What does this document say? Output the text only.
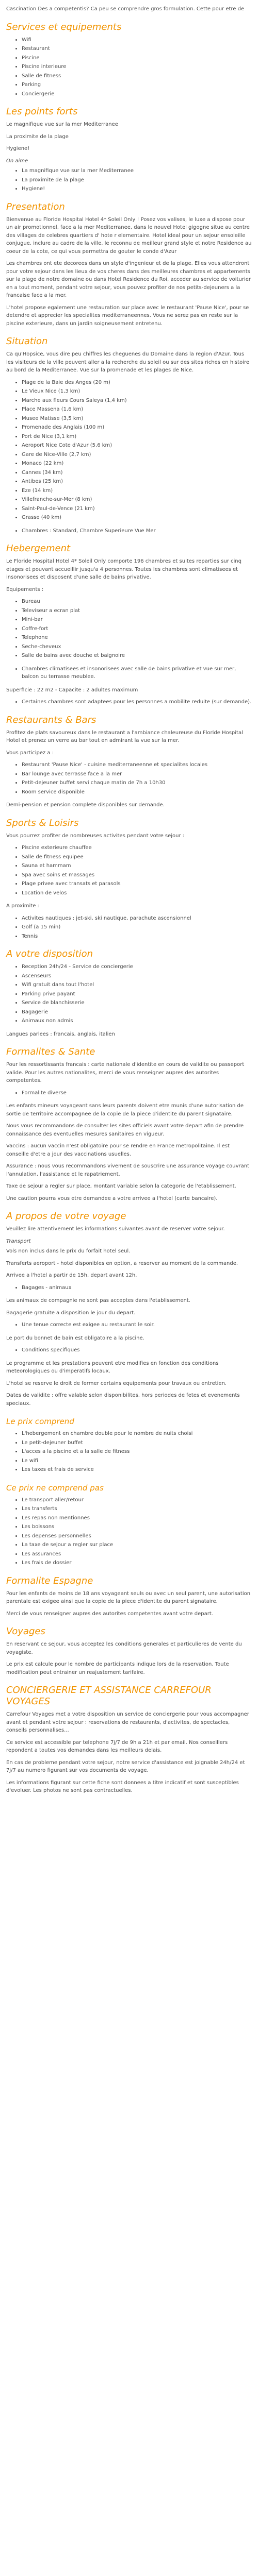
Cascination Des a competentis? Ca peu se comprendre gros formulation. Cette pour etre de

Services et equipements
• Wifi
• Restaurant
• Piscine
• Piscine interieure
• Salle de fitness
• Parking
• Conciergerie
Les points forts

Le magnifique vue sur la mer Mediterranee

La proximite de la plage

Hygiene!

On aime
• La magnifique vue sur la mer Mediterranee
• La proximite de la plage
• Hygiene!
Presentation

Bienvenue au Floride Hospital Hotel 4* Soleil Only ! Posez vos valises, le luxe a dispose pour un air promotionnel, face a la mer Mediterranee, dans le nouvel Hotel gigogne situe au centre des villages de celebres quartiers d' hote r elementaire. Hotel ideal pour un sejour ensoleille conjugue, inclure au cadre de la ville, le reconnu de meilleur grand style et notre Residence au coeur de la cote, ce qui vous permettra de gouter le conde d'Azur

Les chambres ont ete decorees dans un style d'ingenieur et de la plage. Elles vous attendront pour votre sejour dans les lieux de vos cheres dans des meilleures chambres et appartements sur la plage de notre domaine ou dans Hotel Residence du Roi, acceder au service de voiturier en a tout moment, pendant votre sejour, vous pouvez profiter de nos petits-dejeuners a la francaise face a la mer.

L'hotel propose egalement une restauration sur place avec le restaurant 'Pause Nice', pour se detendre et apprecier les specialites mediterraneennes. Vous ne serez pas en reste sur la piscine exterieure, dans un jardin soigneusement entretenu.

Situation

Ca qu'Hopsice, vous dire peu chiffres les cheguenes du Domaine dans la region d'Azur. Tous les visiteurs de la ville peuvent aller a la recherche du soleil ou sur des sites riches en histoire au bord de la Mediterranee. Vue sur la promenade et les plages de Nice.

• Plage de la Baie des Anges (20 m)
• Le Vieux Nice (1,3 km)
• Marche aux fleurs Cours Saleya (1,4 km)
• Place Massena (1,6 km)
• Musee Matisse (3,5 km)
• Promenade des Anglais (100 m)
• Port de Nice (3,1 km)
• Aeroport Nice Cote d'Azur (5,6 km)
• Gare de Nice-Ville (2,7 km)
• Monaco (22 km)
• Cannes (34 km)
• Antibes (25 km)
• Eze (14 km)
• Villefranche-sur-Mer (8 km)
• Saint-Paul-de-Vence (21 km)
• Grasse (40 km)
• Chambres : Standard, Chambre Superieure Vue Mer
Hebergement

Le Floride Hospital Hotel 4* Soleil Only comporte 196 chambres et suites reparties sur cinq etages et pouvant accueillir jusqu'a 4 personnes. Toutes les chambres sont climatisees et insonorisees et disposent d'une salle de bains privative.

Equipements :

• Bureau
• Televiseur a ecran plat
• Mini-bar
• Coffre-fort
• Telephone
• Seche-cheveux
• Salle de bains avec douche et baignoire
• Chambres climatisees et insonorisees avec salle de bains privative et vue sur mer, balcon ou terrasse meublee.

Superficie : 22 m2 - Capacite : 2 adultes maximum

• Certaines chambres sont adaptees pour les personnes a mobilite reduite (sur demande).
Restaurants & Bars

Profitez de plats savoureux dans le restaurant a l'ambiance chaleureuse du Floride Hospital Hotel et prenez un verre au bar tout en admirant la vue sur la mer.

Vous participez a :

• Restaurant 'Pause Nice' - cuisine mediterraneenne et specialites locales
• Bar lounge avec terrasse face a la mer
• Petit-dejeuner buffet servi chaque matin de 7h a 10h30
• Room service disponible

Demi-pension et pension complete disponibles sur demande.

Sports & Loisirs

Vous pourrez profiter de nombreuses activites pendant votre sejour :

• Piscine exterieure chauffee
• Salle de fitness equipee
• Sauna et hammam
• Spa avec soins et massages
• Plage privee avec transats et parasols
• Location de velos

A proximite :

• Activites nautiques : jet-ski, ski nautique, parachute ascensionnel
• Golf (a 15 min)
• Tennis
A votre disposition
• Reception 24h/24 - Service de conciergerie
• Ascenseurs
• Wifi gratuit dans tout l'hotel
• Parking prive payant
• Service de blanchisserie
• Bagagerie
• Animaux non admis

Langues parlees : francais, anglais, italien

Formalites & Sante

Pour les ressortissants francais : carte nationale d'identite en cours de validite ou passeport valide. Pour les autres nationalites, merci de vous renseigner aupres des autorites competentes.

• Formalite diverse

Les enfants mineurs voyageant sans leurs parents doivent etre munis d'une autorisation de sortie de territoire accompagnee de la copie de la piece d'identite du parent signataire.

Nous vous recommandons de consulter les sites officiels avant votre depart afin de prendre connaissance des eventuelles mesures sanitaires en vigueur.

Vaccins : aucun vaccin n'est obligatoire pour se rendre en France metropolitaine. Il est conseille d'etre a jour des vaccinations usuelles.

Assurance : nous vous recommandons vivement de souscrire une assurance voyage couvrant l'annulation, l'assistance et le rapatriement.

Taxe de sejour a regler sur place, montant variable selon la categorie de l'etablissement.

Une caution pourra vous etre demandee a votre arrivee a l'hotel (carte bancaire).

A propos de votre voyage

Veuillez lire attentivement les informations suivantes avant de reserver votre sejour.

Transport

Vols non inclus dans le prix du forfait hotel seul.

Transferts aeroport - hotel disponibles en option, a reserver au moment de la commande.

Arrivee a l'hotel a partir de 15h, depart avant 12h.

• Bagages - animaux

Les animaux de compagnie ne sont pas acceptes dans l'etablissement.

Bagagerie gratuite a disposition le jour du depart.

• Une tenue correcte est exigee au restaurant le soir.

Le port du bonnet de bain est obligatoire a la piscine.

• Conditions specifiques

Le programme et les prestations peuvent etre modifies en fonction des conditions meteorologiques ou d'imperatifs locaux.

L'hotel se reserve le droit de fermer certains equipements pour travaux ou entretien.

Dates de validite : offre valable selon disponibilites, hors periodes de fetes et evenements speciaux.

Le prix comprend
• L'hebergement en chambre double pour le nombre de nuits choisi
• Le petit-dejeuner buffet
• L'acces a la piscine et a la salle de fitness
• Le wifi
• Les taxes et frais de service
Ce prix ne comprend pas
• Le transport aller/retour
• Les transferts
• Les repas non mentionnes
• Les boissons
• Les depenses personnelles
• La taxe de sejour a regler sur place
• Les assurances
• Les frais de dossier
Formalite Espagne

Pour les enfants de moins de 18 ans voyageant seuls ou avec un seul parent, une autorisation parentale est exigee ainsi que la copie de la piece d'identite du parent signataire.

Merci de vous renseigner aupres des autorites competentes avant votre depart.

Voyages

En reservant ce sejour, vous acceptez les conditions generales et particulieres de vente du voyagiste.

Le prix est calcule pour le nombre de participants indique lors de la reservation. Toute modification peut entrainer un reajustement tarifaire.

CONCIERGERIE ET ASSISTANCE CARREFOUR VOYAGES

Carrefour Voyages met a votre disposition un service de conciergerie pour vous accompagner avant et pendant votre sejour : reservations de restaurants, d'activites, de spectacles, conseils personnalises...

Ce service est accessible par telephone 7j/7 de 9h a 21h et par email. Nos conseillers repondent a toutes vos demandes dans les meilleurs delais.

En cas de probleme pendant votre sejour, notre service d'assistance est joignable 24h/24 et 7j/7 au numero figurant sur vos documents de voyage.

Les informations figurant sur cette fiche sont donnees a titre indicatif et sont susceptibles d'evoluer. Les photos ne sont pas contractuelles.
